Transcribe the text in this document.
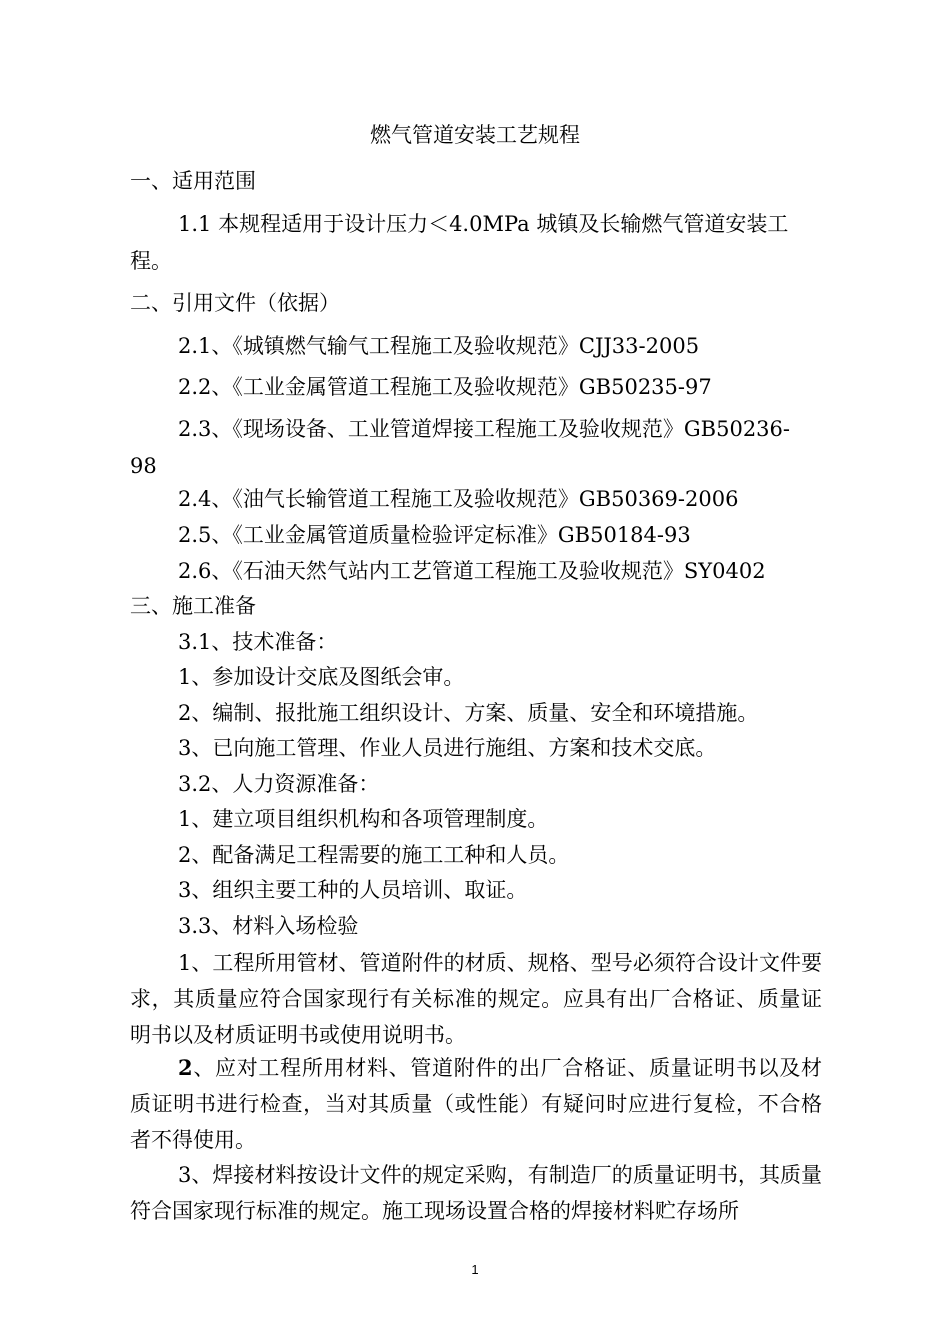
燃气管道安装工艺规程
一、适用范围
1.1 本规程适用于设计压力＜4.0MPa 城镇及长输燃气管道安装工
程。
二、引用文件（依据）
2.1、《城镇燃气输气工程施工及验收规范》CJJ33-2005
2.2、《工业金属管道工程施工及验收规范》GB50235-97
2.3、《现场设备、工业管道焊接工程施工及验收规范》GB50236-
98
2.4、《油气长输管道工程施工及验收规范》GB50369-2006
2.5、《工业金属管道质量检验评定标准》GB50184-93
2.6、《石油天然气站内工艺管道工程施工及验收规范》SY0402
三、施工准备
3.1、技术准备：
1、参加设计交底及图纸会审。
2、编制、报批施工组织设计、方案、质量、安全和环境措施。
3、已向施工管理、作业人员进行施组、方案和技术交底。
3.2、人力资源准备：
1、建立项目组织机构和各项管理制度。
2、配备满足工程需要的施工工种和人员。
3、组织主要工种的人员培训、取证。
3.3、材料入场检验

1、工程所用管材、管道附件的材质、规格、型号必须符合设计文件要求，其质量应符合国家现行有关标准的规定。应具有出厂合格证、质量证明书以及材质证明书或使用说明书。

2、应对工程所用材料、管道附件的出厂合格证、质量证明书以及材质证明书进行检查，当对其质量（或性能）有疑问时应进行复检，不合格者不得使用。

3、焊接材料按设计文件的规定采购，有制造厂的质量证明书，其质量符合国家现行标准的规定。施工现场设置合格的焊接材料贮存场所

1
